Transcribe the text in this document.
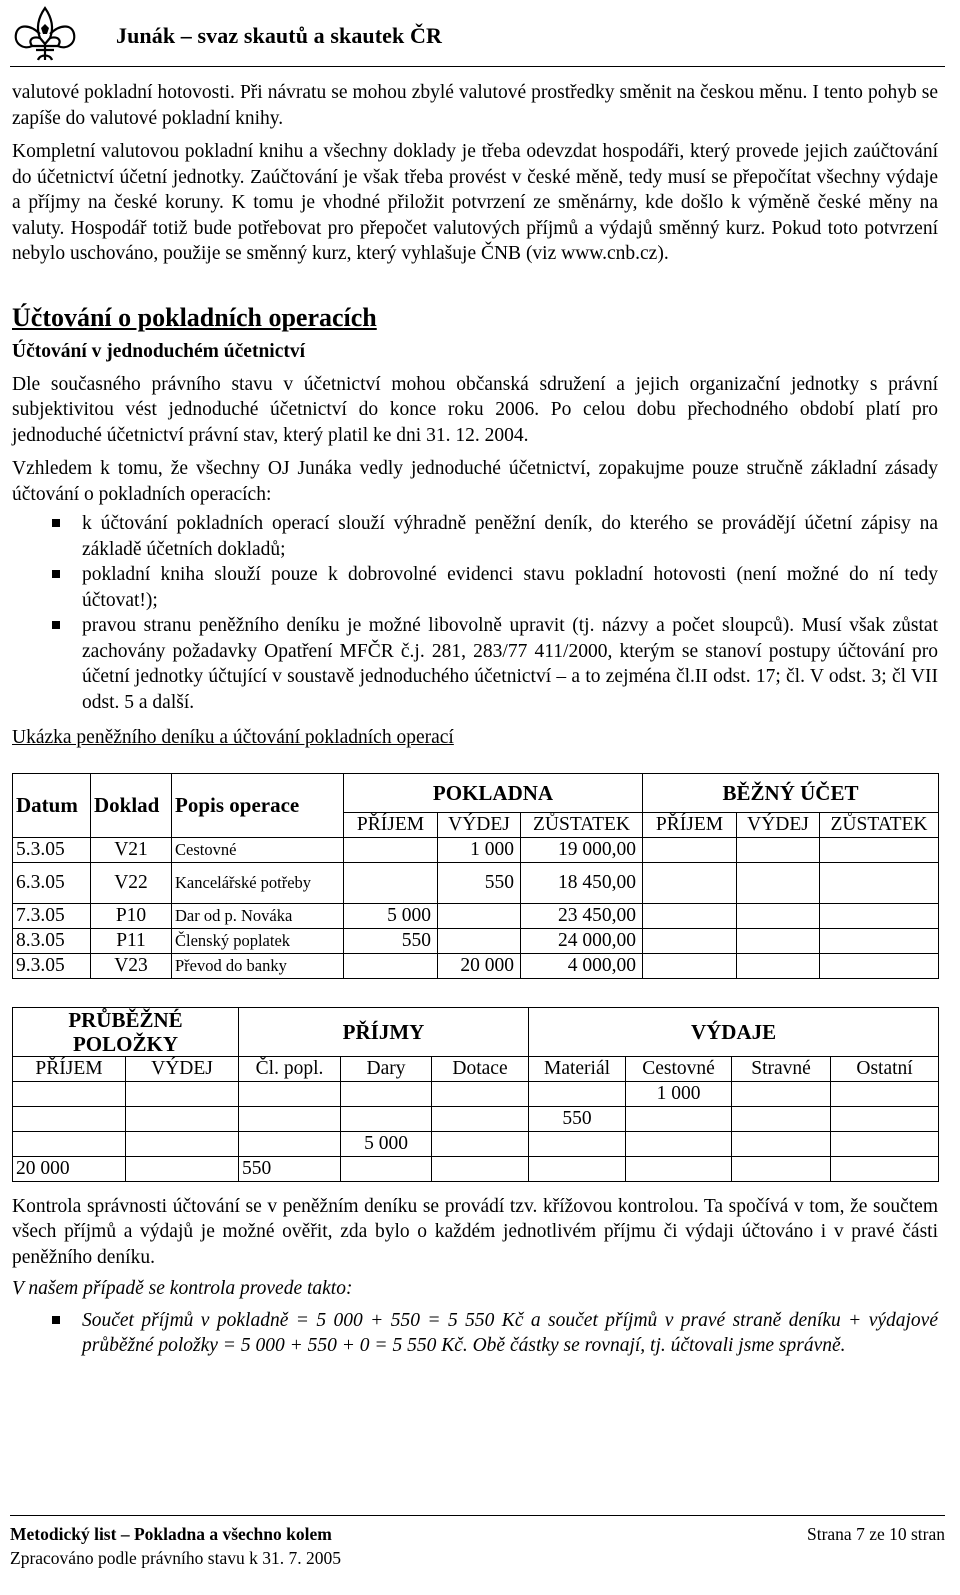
Junák – svaz skautů a skautek ČR

valutové pokladní hotovosti. Při návratu se mohou zbylé valutové prostředky směnit na českou měnu. I tento pohyb se zapíše do valutové pokladní knihy.

Kompletní valutovou pokladní knihu a všechny doklady je třeba odevzdat hospodáři, který provede jejich zaúčtování do účetnictví účetní jednotky. Zaúčtování je však třeba provést v české měně, tedy musí se přepočítat všechny výdaje a příjmy na české koruny. K tomu je vhodné přiložit potvrzení ze směnárny, kde došlo k výměně české měny na valuty. Hospodář totiž bude potřebovat pro přepočet valutových příjmů a výdajů směnný kurz. Pokud toto potvrzení nebylo uschováno, použije se směnný kurz, který vyhlašuje ČNB (viz www.cnb.cz).

Účtování o pokladních operacích
Účtování v jednoduchém účetnictví

Dle současného právního stavu v účetnictví mohou občanská sdružení a jejich organizační jednotky s právní subjektivitou vést jednoduché účetnictví do konce roku 2006. Po celou dobu přechodného období platí pro jednoduché účetnictví právní stav, který platil ke dni 31. 12. 2004.

Vzhledem k tomu, že všechny OJ Junáka vedly jednoduché účetnictví, zopakujme pouze stručně základní zásady účtování o pokladních operacích:

k účtování pokladních operací slouží výhradně peněžní deník, do kterého se provádějí účetní zápisy na základě účetních dokladů;
pokladní kniha slouží pouze k dobrovolné evidenci stavu pokladní hotovosti (není možné do ní tedy účtovat!);
pravou stranu peněžního deníku je možné libovolně upravit (tj. názvy a počet sloupců). Musí však zůstat zachovány požadavky Opatření MFČR č.j. 281, 283/77 411/2000, kterým se stanoví postupy účtování pro účetní jednotky účtující v soustavě jednoduchého účetnictví – a to zejména čl.II odst. 17; čl. V odst. 3; čl VII odst. 5 a další.
Ukázka peněžního deníku a účtování pokladních operací
Datum	Doklad	Popis operace	POKLADNA			BĚŽNÝ ÚČET		
			PŘÍJEM	VÝDEJ	ZŮSTATEK	PŘÍJEM	VÝDEJ	ZŮSTATEK
5.3.05	V21	Cestovné		1 000	19 000,00			
6.3.05	V22	Kancelářské potřeby		550	18 450,00			
7.3.05	P10	Dar od p. Nováka	5 000		23 450,00			
8.3.05	P11	Členský poplatek	550		24 000,00			
9.3.05	V23	Převod do banky		20 000	4 000,00			
PRŮBĚŽNÉ POLOŽKY		PŘÍJMY			VÝDAJE			
PŘÍJEM	VÝDEJ	Čl. popl.	Dary	Dotace	Materiál	Cestovné	Stravné	Ostatní
						1 000		
					550			
			5 000					
20 000		550						

Kontrola správnosti účtování se v peněžním deníku se provádí tzv. křížovou kontrolou. Ta spočívá v tom, že součtem všech příjmů a výdajů je možné ověřit, zda bylo o každém jednotlivém příjmu či výdaji účtováno i v pravé části peněžního deníku.

V našem případě se kontrola provede takto:

Součet příjmů v pokladně = 5 000 + 550 = 5 550 Kč a součet příjmů v pravé straně deníku + výdajové průběžné položky = 5 000 + 550 + 0 = 5 550 Kč. Obě částky se rovnají, tj. účtovali jsme správně.
Metodický list – Pokladna a všechno kolem
Zpracováno podle právního stavu k 31. 7. 2005
Strana 7 ze 10 stran
